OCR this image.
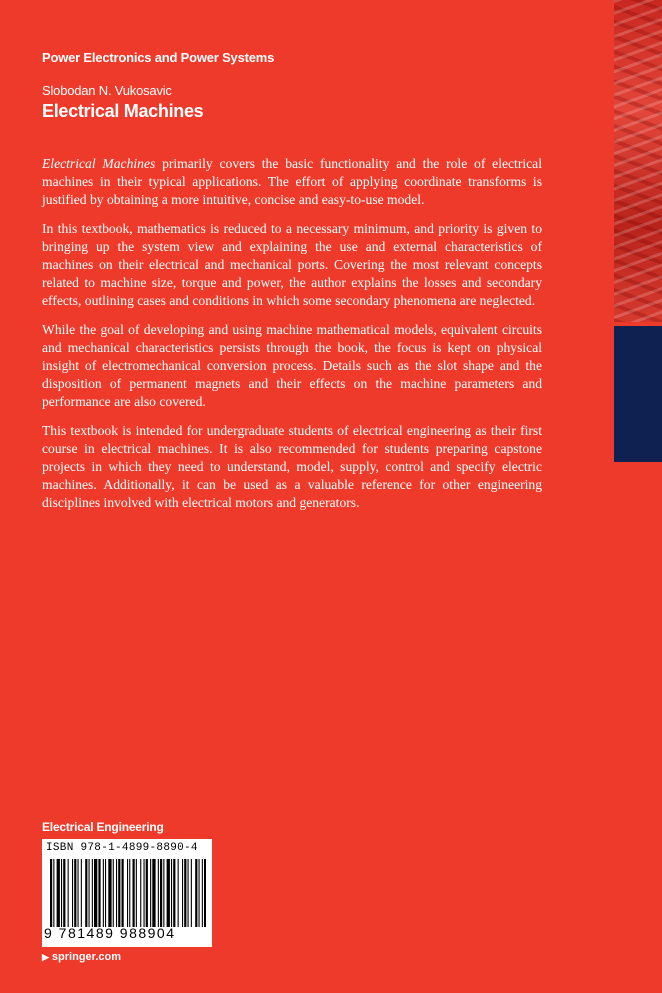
Power Electronics and Power Systems
Slobodan N. Vukosavic
Electrical Machines

Electrical Machines primarily covers the basic functionality and the role of electrical machines in their typical applications. The effort of applying coordinate transforms is justified by obtaining a more intuitive, concise and easy-to-use model.

In this textbook, mathematics is reduced to a necessary minimum, and priority is given to bringing up the system view and explaining the use and external characteristics of machines on their electrical and mechanical ports. Covering the most relevant concepts related to machine size, torque and power, the author explains the losses and secondary effects, outlining cases and conditions in which some secondary phenomena are neglected.

While the goal of developing and using machine mathematical models, equivalent circuits and mechanical characteristics persists through the book, the focus is kept on physical insight of electromechanical conversion process. Details such as the slot shape and the disposition of permanent magnets and their effects on the machine parameters and performance are also covered.

This textbook is intended for undergraduate students of electrical engineering as their first course in electrical machines. It is also recommended for students preparing capstone projects in which they need to understand, model, supply, control and specify electric machines. Additionally, it can be used as a valuable reference for other engineering disciplines involved with electrical motors and generators.

Electrical Engineering
ISBN 978-1-4899-8890-4
9 781489 988904
▶ springer.com
